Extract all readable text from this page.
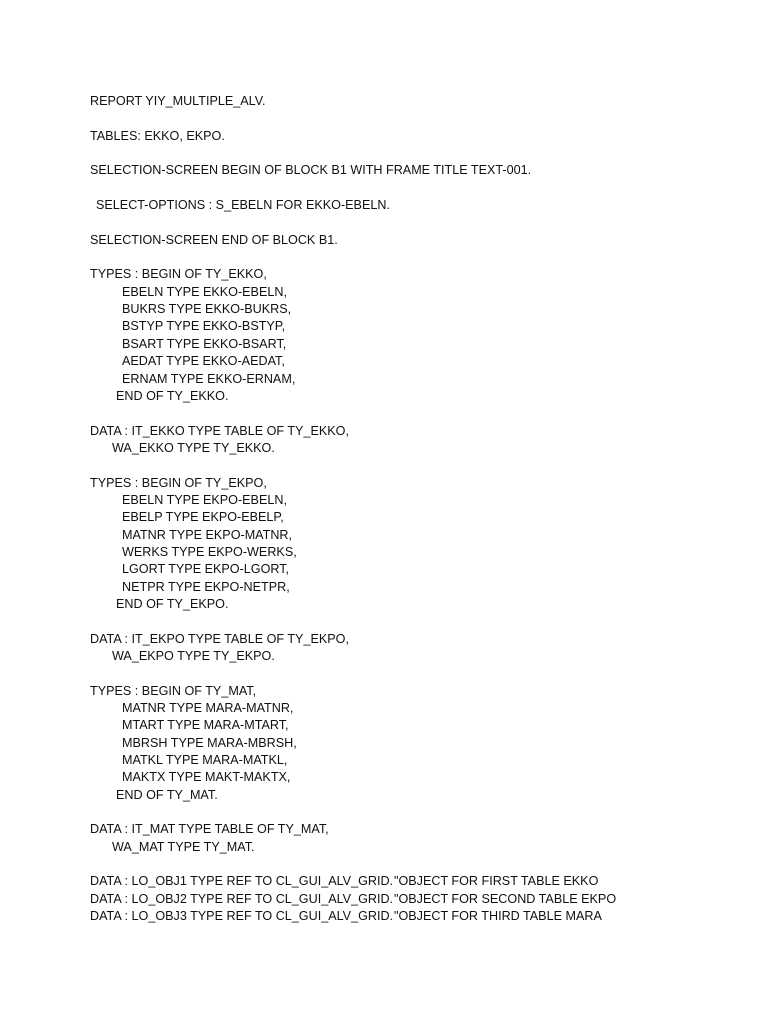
REPORT YIY_MULTIPLE_ALV.
TABLES: EKKO, EKPO.
SELECTION-SCREEN BEGIN OF BLOCK B1 WITH FRAME TITLE TEXT-001.
SELECT-OPTIONS : S_EBELN FOR EKKO-EBELN.
SELECTION-SCREEN END OF BLOCK B1.
TYPES : BEGIN OF TY_EKKO,
EBELN TYPE EKKO-EBELN,
BUKRS TYPE EKKO-BUKRS,
BSTYP TYPE EKKO-BSTYP,
BSART TYPE EKKO-BSART,
AEDAT TYPE EKKO-AEDAT,
ERNAM TYPE EKKO-ERNAM,
END OF TY_EKKO.
DATA : IT_EKKO TYPE TABLE OF TY_EKKO,
WA_EKKO TYPE TY_EKKO.
TYPES : BEGIN OF TY_EKPO,
EBELN TYPE EKPO-EBELN,
EBELP TYPE EKPO-EBELP,
MATNR TYPE EKPO-MATNR,
WERKS TYPE EKPO-WERKS,
LGORT TYPE EKPO-LGORT,
NETPR TYPE EKPO-NETPR,
END OF TY_EKPO.
DATA : IT_EKPO TYPE TABLE OF TY_EKPO,
WA_EKPO TYPE TY_EKPO.
TYPES : BEGIN OF TY_MAT,
MATNR TYPE MARA-MATNR,
MTART TYPE MARA-MTART,
MBRSH TYPE MARA-MBRSH,
MATKL TYPE MARA-MATKL,
MAKTX TYPE MAKT-MAKTX,
END OF TY_MAT.
DATA : IT_MAT TYPE TABLE OF TY_MAT,
WA_MAT TYPE TY_MAT.

DATA : LO_OBJ1 TYPE REF TO CL_GUI_ALV_GRID.

"OBJECT FOR FIRST TABLE EKKO

DATA : LO_OBJ2 TYPE REF TO CL_GUI_ALV_GRID.

"OBJECT FOR SECOND TABLE EKPO

DATA : LO_OBJ3 TYPE REF TO CL_GUI_ALV_GRID.

"OBJECT FOR THIRD TABLE MARA
